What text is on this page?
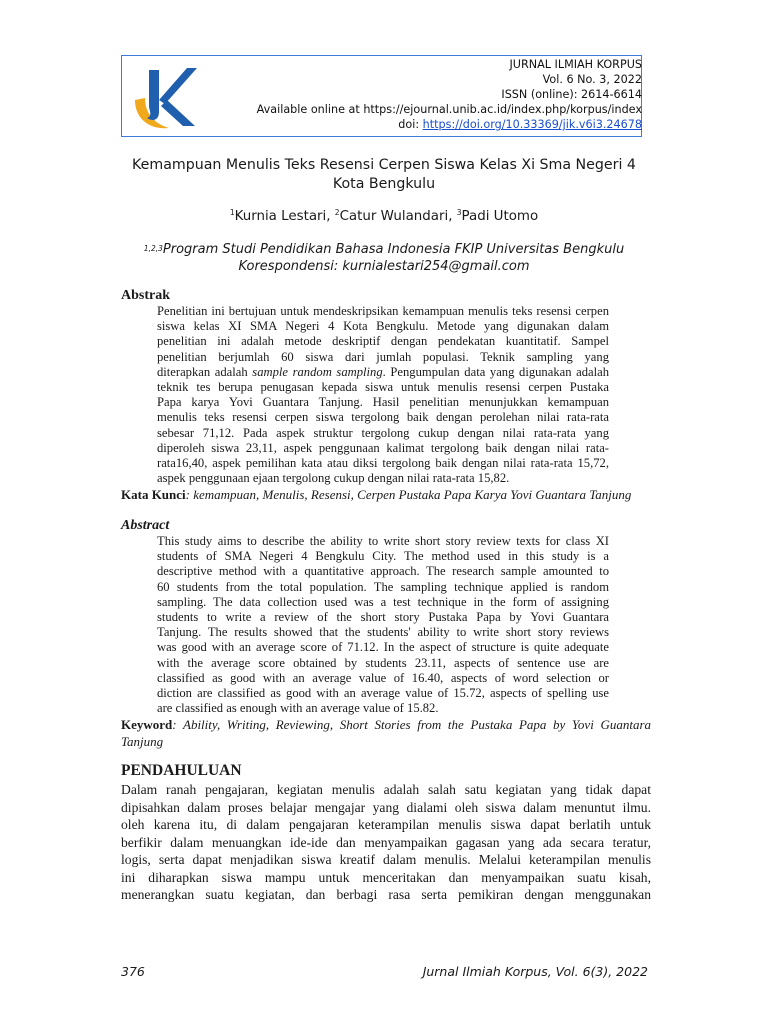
JURNAL ILMIAH KORPUS
Vol. 6 No. 3, 2022
ISSN (online): 2614-6614
Available online at https://ejournal.unib.ac.id/index.php/korpus/index
doi: https://doi.org/10.33369/jik.v6i3.24678
Kemampuan Menulis Teks Resensi Cerpen Siswa Kelas Xi Sma Negeri 4
Kota Bengkulu
$^1$Kurnia Lestari, $^2$Catur Wulandari, $^3$Padi Utomo
$^{1,2,3}$Program Studi Pendidikan Bahasa Indonesia FKIP Universitas Bengkulu
Korespondensi: kurnialestari254@gmail.com
Abstrak
Penelitian ini bertujuan untuk mendeskripsikan kemampuan menulis teks resensi cerpen
siswa kelas XI SMA Negeri 4 Kota Bengkulu. Metode yang digunakan dalam
penelitian ini adalah metode deskriptif dengan pendekatan kuantitatif. Sampel
penelitian berjumlah 60 siswa dari jumlah populasi. Teknik sampling yang
diterapkan adalah sample random sampling. Pengumpulan data yang digunakan adalah
teknik tes berupa penugasan kepada siswa untuk menulis resensi cerpen Pustaka
Papa karya Yovi Guantara Tanjung. Hasil penelitian menunjukkan kemampuan
menulis teks resensi cerpen siswa tergolong baik dengan perolehan nilai rata-rata
sebesar 71,12. Pada aspek struktur tergolong cukup dengan nilai rata-rata yang
diperoleh siswa 23,11, aspek penggunaan kalimat tergolong baik dengan nilai rata-
rata16,40, aspek pemilihan kata atau diksi tergolong baik dengan nilai rata-rata 15,72,
aspek penggunaan ejaan tergolong cukup dengan nilai rata-rata 15,82.
Kata Kunci: kemampuan, Menulis, Resensi, Cerpen Pustaka Papa Karya Yovi Guantara Tanjung
Abstract
This study aims to describe the ability to write short story review texts for class XI
students of SMA Negeri 4 Bengkulu City. The method used in this study is a
descriptive method with a quantitative approach. The research sample amounted to
60 students from the total population. The sampling technique applied is random
sampling. The data collection used was a test technique in the form of assigning
students to write a review of the short story Pustaka Papa by Yovi Guantara
Tanjung. The results showed that the students' ability to write short story reviews
was good with an average score of 71.12. In the aspect of structure is quite adequate
with the average score obtained by students 23.11, aspects of sentence use are
classified as good with an average value of 16.40, aspects of word selection or
diction are classified as good with an average value of 15.72, aspects of spelling use
are classified as enough with an average value of 15.82.
Keyword: Ability, Writing, Reviewing, Short Stories from the Pustaka Papa by Yovi Guantara
Tanjung
PENDAHULUAN
Dalam ranah pengajaran, kegiatan menulis adalah salah satu kegiatan yang tidak dapat
dipisahkan dalam proses belajar mengajar yang dialami oleh siswa dalam menuntut ilmu.
oleh karena itu, di dalam pengajaran keterampilan menulis siswa dapat berlatih untuk
berfikir dalam menuangkan ide-ide dan menyampaikan gagasan yang ada secara teratur,
logis, serta dapat menjadikan siswa kreatif dalam menulis. Melalui keterampilan menulis
ini diharapkan siswa mampu untuk menceritakan dan menyampaikan suatu kisah,
menerangkan suatu kegiatan, dan berbagi rasa serta pemikiran dengan menggunakan
376	Jurnal Ilmiah Korpus, Vol. 6(3), 2022
